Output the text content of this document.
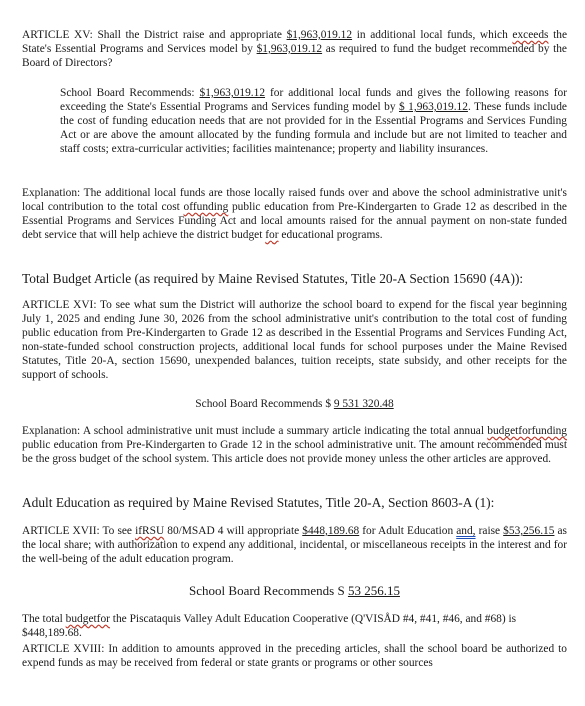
ARTICLE XV: Shall the District raise and appropriate $1,963,019.12 in additional local funds, which exceeds the State's Essential Programs and Services model by $1,963,019.12 as required to fund the budget recommended by the Board of Directors?

School Board Recommends: $1,963,019.12 for additional local funds and gives the following reasons for exceeding the State's Essential Programs and Services funding model by $ 1,963,019.12. These funds include the cost of funding education needs that are not provided for in the Essential Programs and Services Funding Act or are above the amount allocated by the funding formula and include but are not limited to teacher and staff costs; extra-curricular activities; facilities maintenance; property and liability insurances.

Explanation: The additional local funds are those locally raised funds over and above the school administrative unit's local contribution to the total cost offunding public education from Pre-Kindergarten to Grade 12 as described in the Essential Programs and Services Funding Act and local amounts raised for the annual payment on non-state funded debt service that will help achieve the district budget for educational programs.

Total Budget Article (as required by Maine Revised Statutes, Title 20-A Section 15690 (4A)):

ARTICLE XVI: To see what sum the District will authorize the school board to expend for the fiscal year beginning July 1, 2025 and ending June 30, 2026 from the school administrative unit's contribution to the total cost of funding public education from Pre-Kindergarten to Grade 12 as described in the Essential Programs and Services Funding Act, non-state-funded school construction projects, additional local funds for school purposes under the Maine Revised Statutes, Title 20-A, section 15690, unexpended balances, tuition receipts, state subsidy, and other receipts for the support of schools.

School Board Recommends $ 9 531 320.48

Explanation: A school administrative unit must include a summary article indicating the total annual budgetforfunding public education from Pre-Kindergarten to Grade 12 in the school administrative unit. The amount recommended must be the gross budget of the school system. This article does not provide money unless the other articles are approved.

Adult Education as required by Maine Revised Statutes, Title 20-A, Section 8603-A (1):

ARTICLE XVII: To see ifRSU 80/MSAD 4 will appropriate $448,189.68 for Adult Education and, raise $53,256.15 as the local share; with authorization to expend any additional, incidental, or miscellaneous receipts in the interest and for the well-being of the adult education program.

School Board Recommends S 53 256.15

The total budgetfor the Piscataquis Valley Adult Education Cooperative (Q'VISÅD #4, #41, #46, and #68) is $448,189.68.

ARTICLE XVIII: In addition to amounts approved in the preceding articles, shall the school board be authorized to expend funds as may be received from federal or state grants or programs or other sources
